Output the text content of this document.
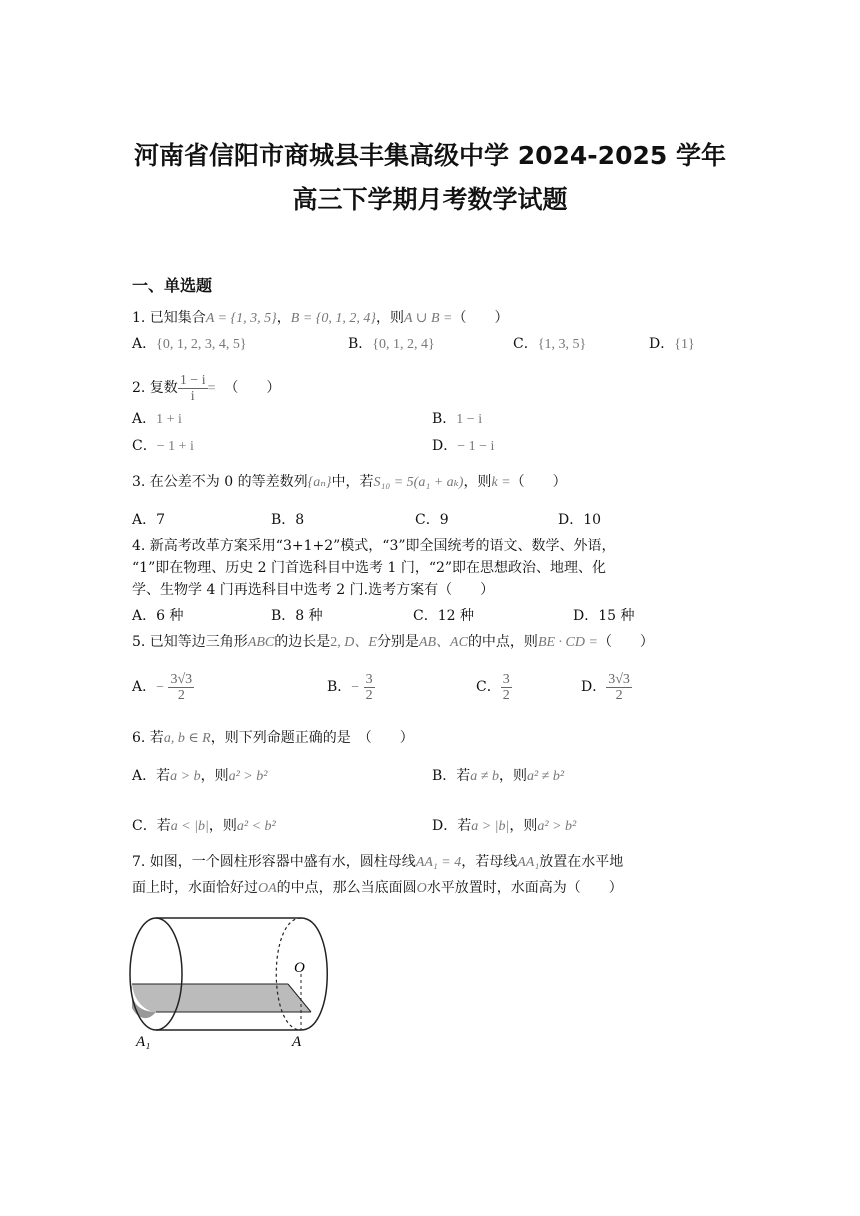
河南省信阳市商城县丰集高级中学 2024-2025 学年
高三下学期月考数学试题
一、单选题
1. 已知集合A = {1, 3, 5}，B = {0, 1, 2, 4}，则A ∪ B =（　　）
A．{0, 1, 2, 3, 4, 5}	B．{0, 1, 2, 4}	C．{1, 3, 5}	D．{1}
2. 复数 $\frac{1 - i}{i}$ = （　　）
A．1 + i	B．1 − i
C．− 1 + i	D．− 1 − i
3. 在公差不为 0 的等差数列{aₙ}中，若S₁₀ = 5(a₁ + aₖ)，则k =（　　）
A．7	B．8	C．9	D．10
4. 新高考改革方案采用“3+1+2”模式，“3”即全国统考的语文、数学、外语，
“1”即在物理、历史 2 门首选科目中选考 1 门，“2”即在思想政治、地理、化
学、生物学 4 门再选科目中选考 2 门.选考方案有（　　）
A．6 种	B．8 种	C．12 种	D．15 种
5. 已知等边三角形ABC的边长是2, D、E分别是AB、AC的中点，则BE · CD =（　　）
A．− $\frac{3√3}{2}$	B．− $\frac{3}{2}$	C． $\frac{3}{2}$	D． $\frac{3√3}{2}$
6. 若a, b ∈ R，则下列命题正确的是　（　　）
A．若a > b，则a² > b²	B．若a ≠ b，则a² ≠ b²
C．若a < |b|，则a² < b²	D．若a > |b|，则a² > b²
7. 如图，一个圆柱形容器中盛有水，圆柱母线AA₁ = 4，若母线AA₁放置在水平地
面上时，水面恰好过OA的中点，那么当底面圆O水平放置时，水面高为（　　）
O
A₁	A
